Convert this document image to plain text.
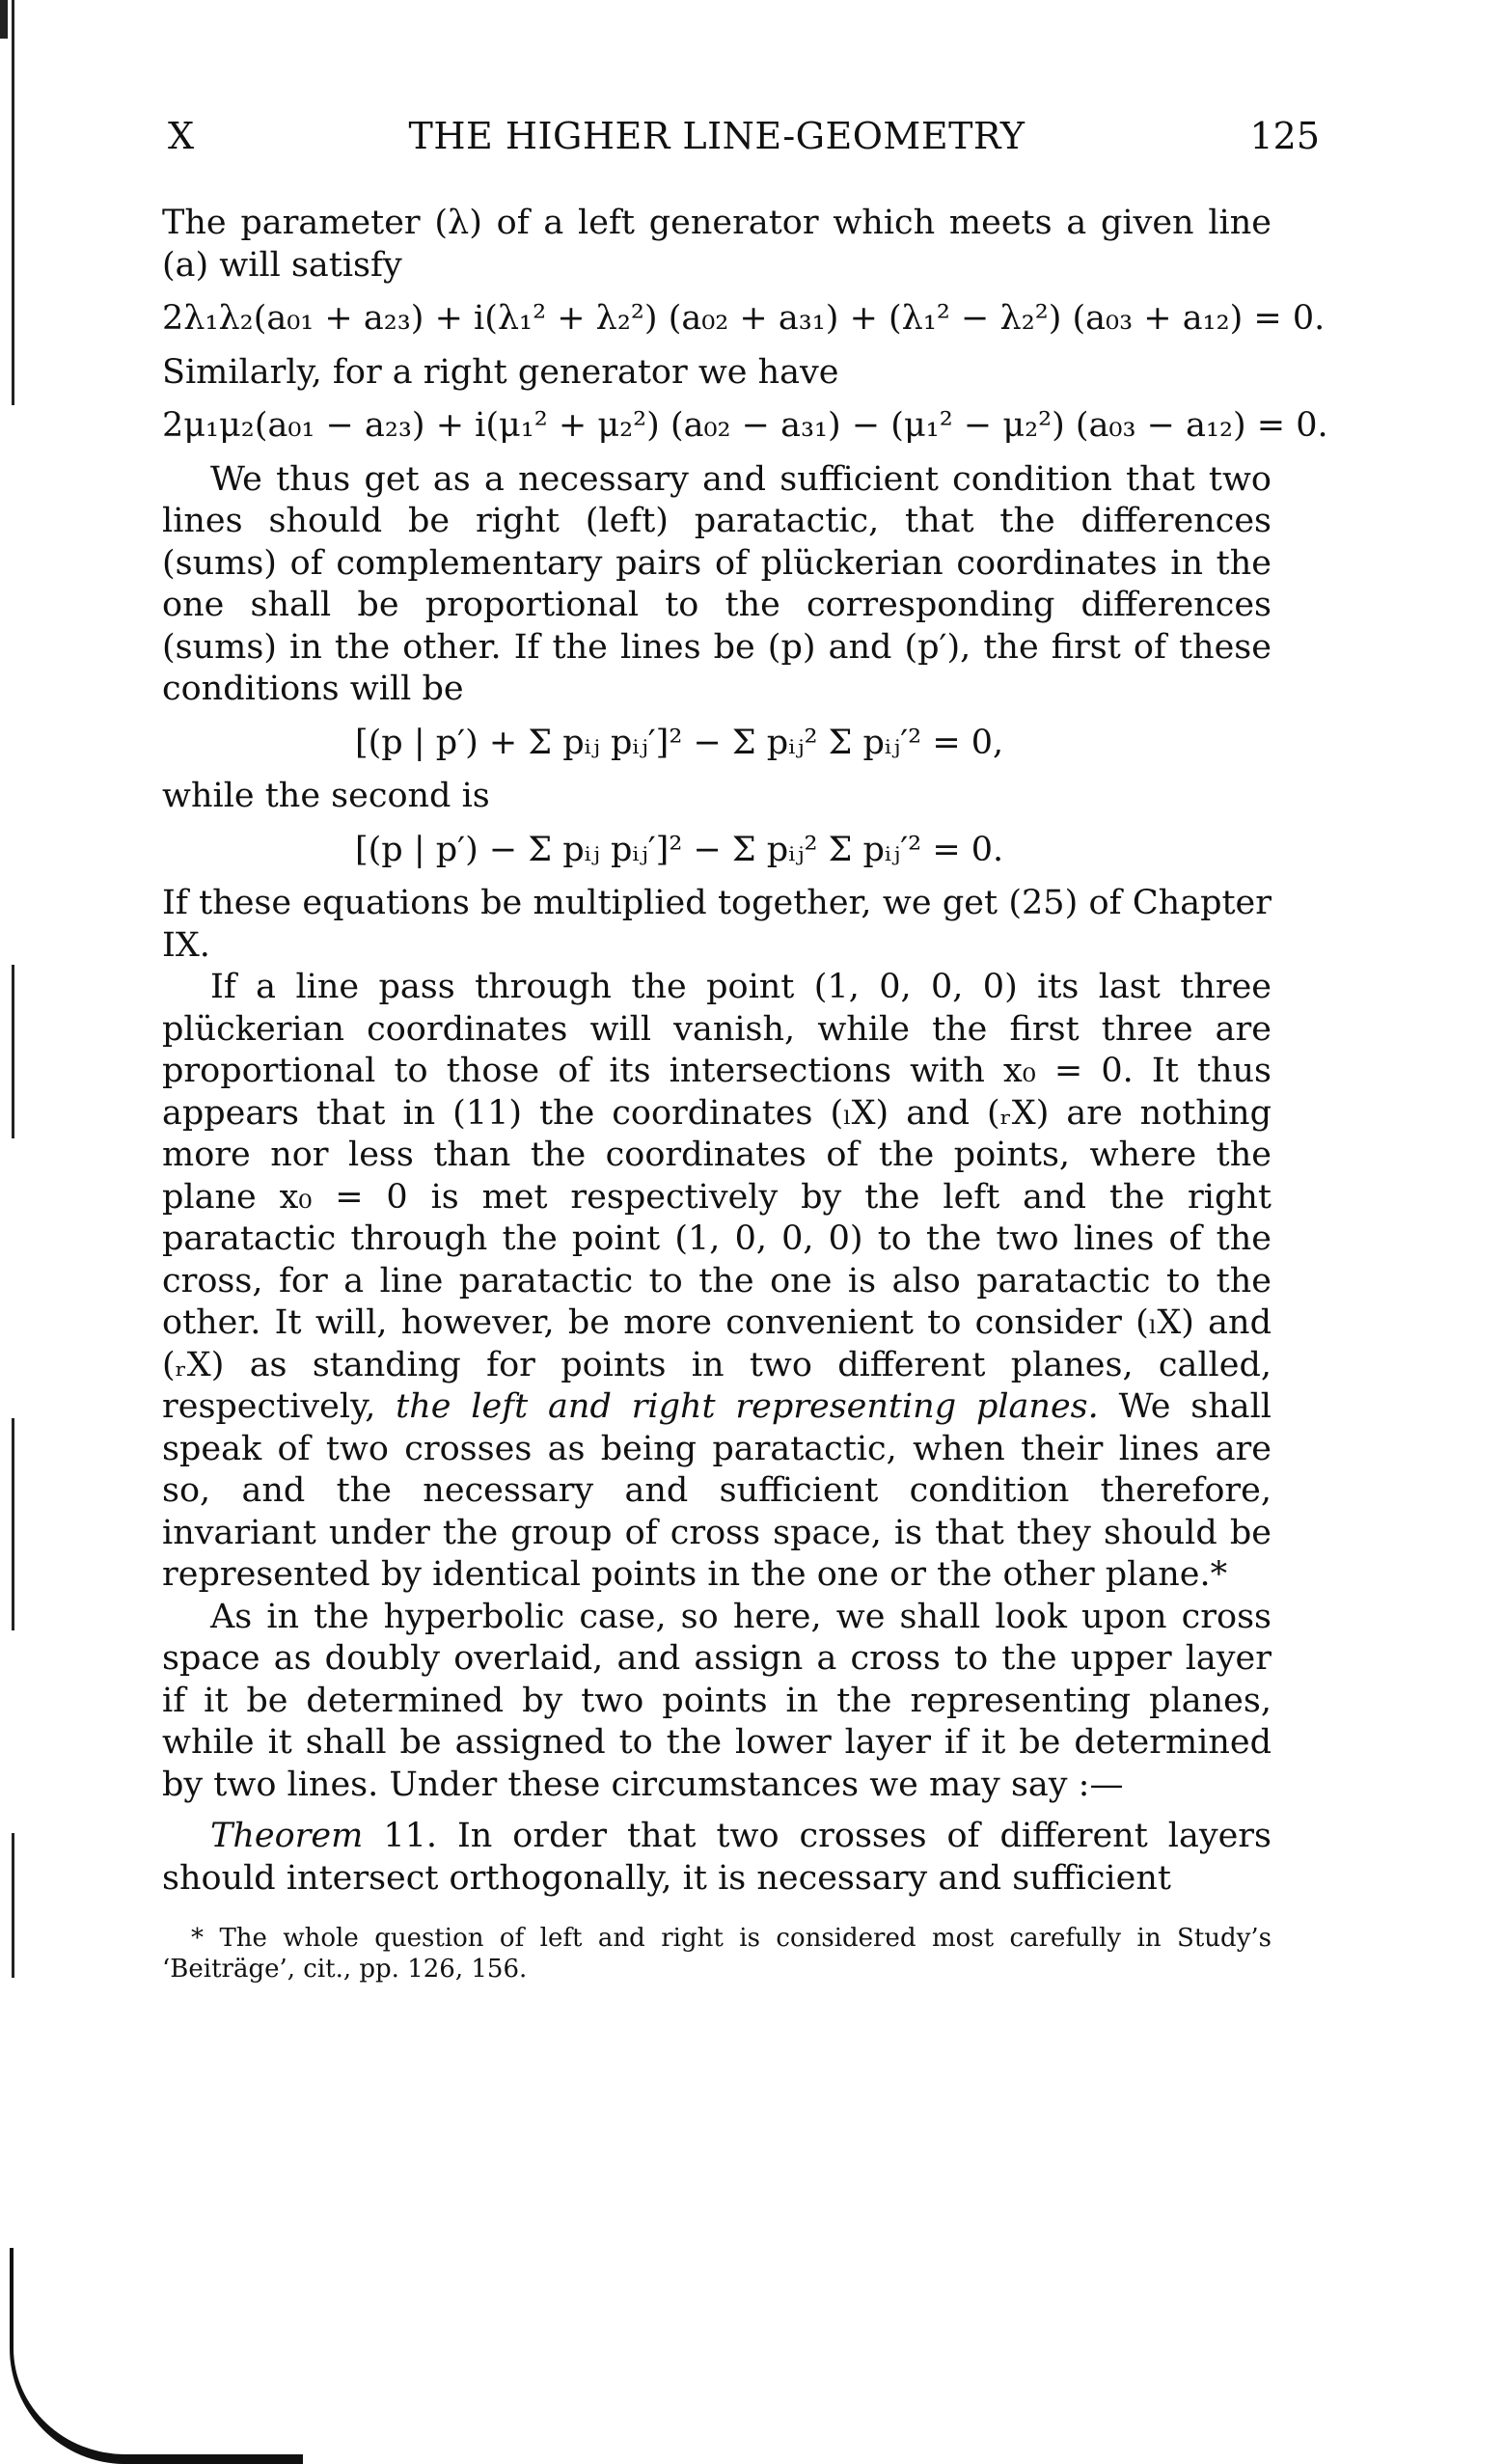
X	THE HIGHER LINE-GEOMETRY	125

The parameter (λ) of a left generator which meets a given line (a) will satisfy

2λ₁λ₂(a₀₁ + a₂₃) + i(λ₁² + λ₂²) (a₀₂ + a₃₁) + (λ₁² − λ₂²) (a₀₃ + a₁₂) = 0.

Similarly, for a right generator we have

2μ₁μ₂(a₀₁ − a₂₃) + i(μ₁² + μ₂²) (a₀₂ − a₃₁) − (μ₁² − μ₂²) (a₀₃ − a₁₂) = 0.

We thus get as a necessary and sufficient condition that two lines should be right (left) paratactic, that the differences (sums) of complementary pairs of plückerian coordinates in the one shall be proportional to the corresponding differences (sums) in the other. If the lines be (p) and (p′), the first of these conditions will be

[(p | p′) + Σ pᵢⱼ pᵢⱼ′]² − Σ pᵢⱼ² Σ pᵢⱼ′² = 0,

while the second is

[(p | p′) − Σ pᵢⱼ pᵢⱼ′]² − Σ pᵢⱼ² Σ pᵢⱼ′² = 0.

If these equations be multiplied together, we get (25) of Chapter IX.

If a line pass through the point (1, 0, 0, 0) its last three plückerian coordinates will vanish, while the first three are proportional to those of its intersections with x₀ = 0. It thus appears that in (11) the coordinates (ₗX) and (ᵣX) are nothing more nor less than the coordinates of the points, where the plane x₀ = 0 is met respectively by the left and the right paratactic through the point (1, 0, 0, 0) to the two lines of the cross, for a line paratactic to the one is also paratactic to the other. It will, however, be more convenient to consider (ₗX) and (ᵣX) as standing for points in two different planes, called, respectively, the left and right representing planes. We shall speak of two crosses as being paratactic, when their lines are so, and the necessary and sufficient condition therefore, invariant under the group of cross space, is that they should be represented by identical points in the one or the other plane.*

As in the hyperbolic case, so here, we shall look upon cross space as doubly overlaid, and assign a cross to the upper layer if it be determined by two points in the representing planes, while it shall be assigned to the lower layer if it be determined by two lines. Under these circumstances we may say :—

Theorem 11. In order that two crosses of different layers should intersect orthogonally, it is necessary and sufficient

* The whole question of left and right is considered most carefully in Study’s ‘Beiträge’, cit., pp. 126, 156.
